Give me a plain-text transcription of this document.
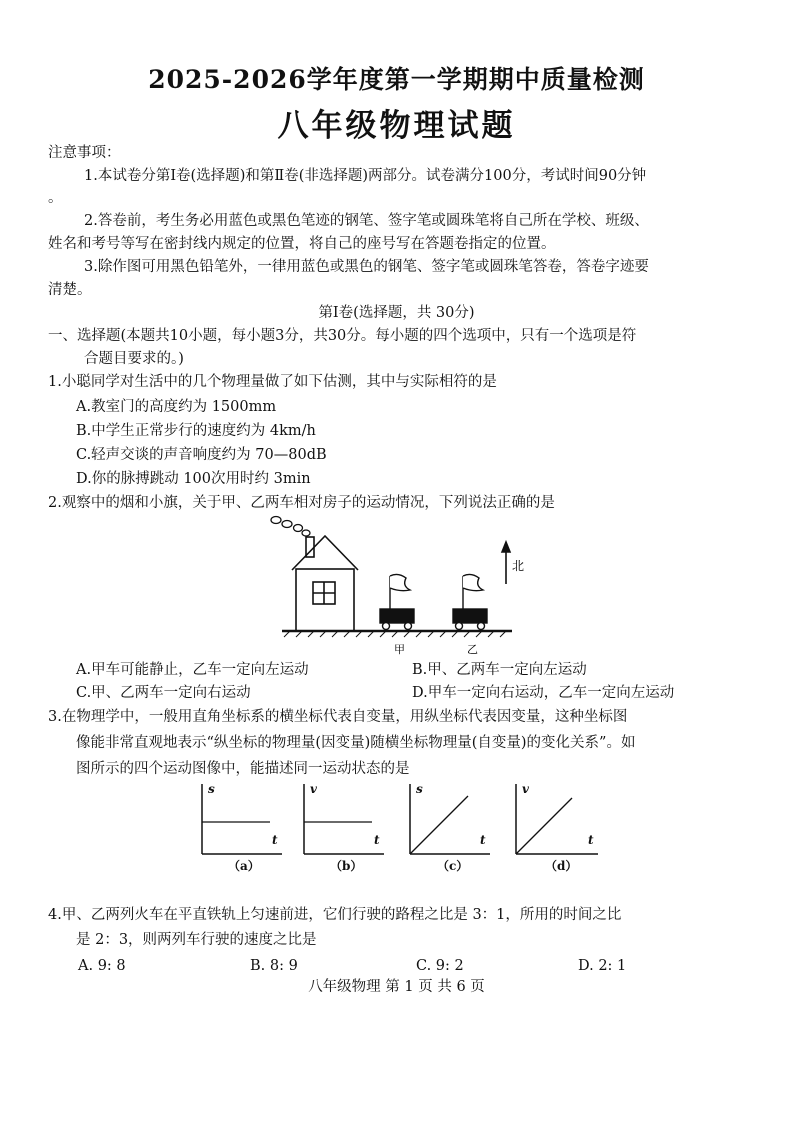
2025-2026学年度第一学期期中质量检测
八年级物理试题
注意事项：
1.本试卷分第Ⅰ卷(选择题)和第Ⅱ卷(非选择题)两部分。试卷满分100分，考试时间90分钟
。
2.答卷前，考生务必用蓝色或黑色笔迹的钢笔、签字笔或圆珠笔将自己所在学校、班级、
姓名和考号等写在密封线内规定的位置，将自己的座号写在答题卷指定的位置。
3.除作图可用黑色铅笔外，一律用蓝色或黑色的钢笔、签字笔或圆珠笔答卷，答卷字迹要
清楚。
第Ⅰ卷(选择题，共 30分)
一、选择题(本题共10小题，每小题3分，共30分。每小题的四个选项中，只有一个选项是符
合题目要求的。)
1.小聪同学对生活中的几个物理量做了如下估测，其中与实际相符的是
A.教室门的高度约为 1500mm
B.中学生正常步行的速度约为 4km/h
C.轻声交谈的声音响度约为 70—80dB
D.你的脉搏跳动 100次用时约 3min
2.观察中的烟和小旗，关于甲、乙两车相对房子的运动情况，下列说法正确的是
北
甲	乙
A.甲车可能静止，乙车一定向左运动	B.甲、乙两车一定向左运动
C.甲、乙两车一定向右运动	D.甲车一定向右运动，乙车一定向左运动
3.在物理学中，一般用直角坐标系的横坐标代表自变量，用纵坐标代表因变量，这种坐标图
像能非常直观地表示“纵坐标的物理量(因变量)随横坐标物理量(自变量)的变化关系”。如
图所示的四个运动图像中，能描述同一运动状态的是
s
t
（a）
v
t
（b）
s
t
（c）
v
t
（d）
4.甲、乙两列火车在平直铁轨上匀速前进，它们行驶的路程之比是 3：1，所用的时间之比
是 2：3，则两列车行驶的速度之比是
A. 9: 8	B. 8: 9	C. 9: 2	D. 2: 1
八年级物理 第 1 页 共 6 页
